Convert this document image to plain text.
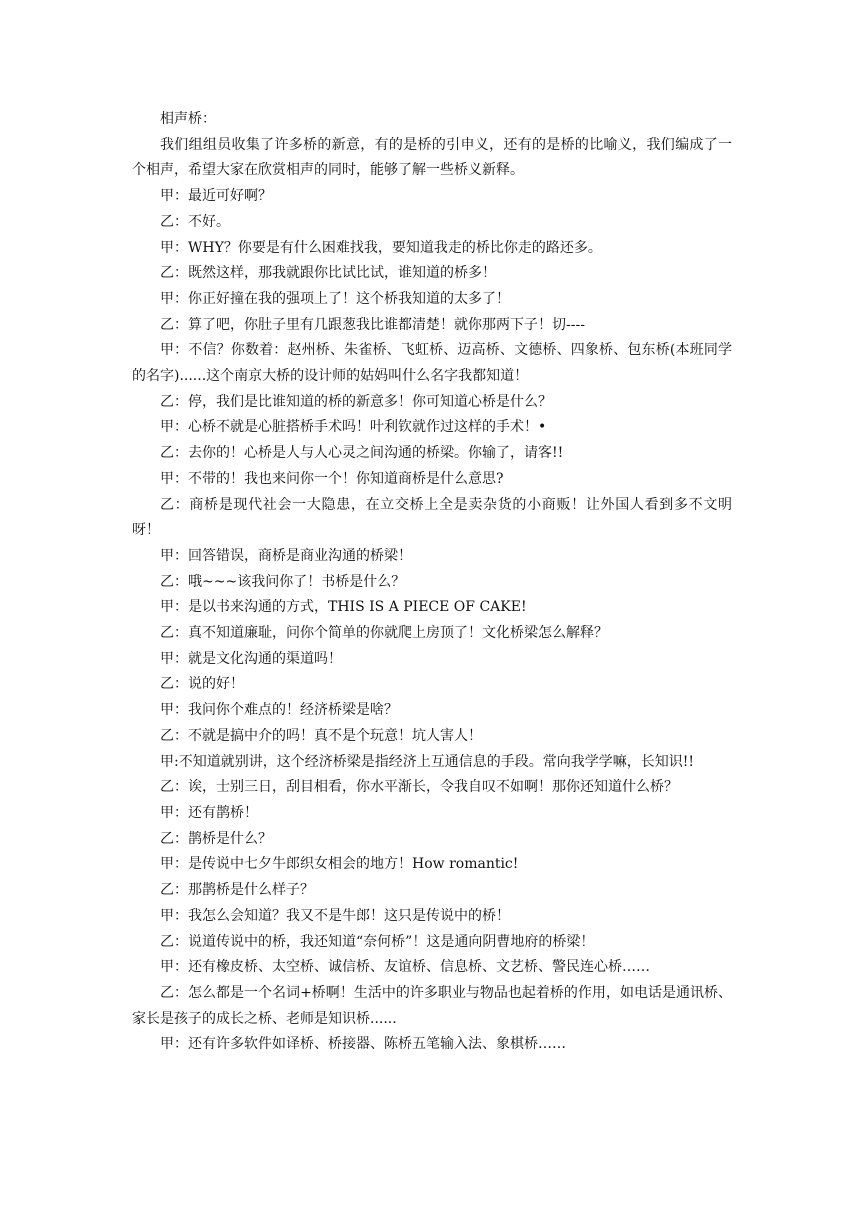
相声桥：

我们组组员收集了许多桥的新意，有的是桥的引申义，还有的是桥的比喻义，我们编成了一个相声，希望大家在欣赏相声的同时，能够了解一些桥义新释。

甲：最近可好啊？

乙：不好。

甲：WHY？你要是有什么困难找我，要知道我走的桥比你走的路还多。

乙：既然这样，那我就跟你比试比试，谁知道的桥多！

甲：你正好撞在我的强项上了！这个桥我知道的太多了！

乙：算了吧，你肚子里有几跟葱我比谁都清楚！就你那两下子！切----

甲：不信？你数着：赵州桥、朱雀桥、飞虹桥、迈高桥、文德桥、四象桥、包东桥(本班同学的名字)......这个南京大桥的设计师的姑妈叫什么名字我都知道！

乙：停，我们是比谁知道的桥的新意多！你可知道心桥是什么？

甲：心桥不就是心脏搭桥手术吗！叶利钦就作过这样的手术！•

乙：去你的！心桥是人与人心灵之间沟通的桥梁。你输了，请客!!

甲：不带的！我也来问你一个！你知道商桥是什么意思?

乙：商桥是现代社会一大隐患，在立交桥上全是卖杂货的小商贩！让外国人看到多不文明呀！

甲：回答错误，商桥是商业沟通的桥梁！

乙：哦~~~该我问你了！书桥是什么？

甲：是以书来沟通的方式，THIS IS A PIECE OF CAKE!

乙：真不知道廉耻，问你个简单的你就爬上房顶了！文化桥梁怎么解释？

甲：就是文化沟通的渠道吗！

乙：说的好！

甲：我问你个难点的！经济桥梁是啥？

乙：不就是搞中介的吗！真不是个玩意！坑人害人！

甲:不知道就别讲，这个经济桥梁是指经济上互通信息的手段。常向我学学嘛，长知识!!

乙：诶，士别三日，刮目相看，你水平渐长，令我自叹不如啊！那你还知道什么桥？

甲：还有鹊桥！

乙：鹊桥是什么？

甲：是传说中七夕牛郎织女相会的地方！How romantic!

乙：那鹊桥是什么样子？

甲：我怎么会知道？我又不是牛郎！这只是传说中的桥！

乙：说道传说中的桥，我还知道“奈何桥”！这是通向阴曹地府的桥梁！

甲：还有橡皮桥、太空桥、诚信桥、友谊桥、信息桥、文艺桥、警民连心桥……

乙：怎么都是一个名词+桥啊！生活中的许多职业与物品也起着桥的作用，如电话是通讯桥、家长是孩子的成长之桥、老师是知识桥......

甲：还有许多软件如译桥、桥接器、陈桥五笔输入法、象棋桥……
